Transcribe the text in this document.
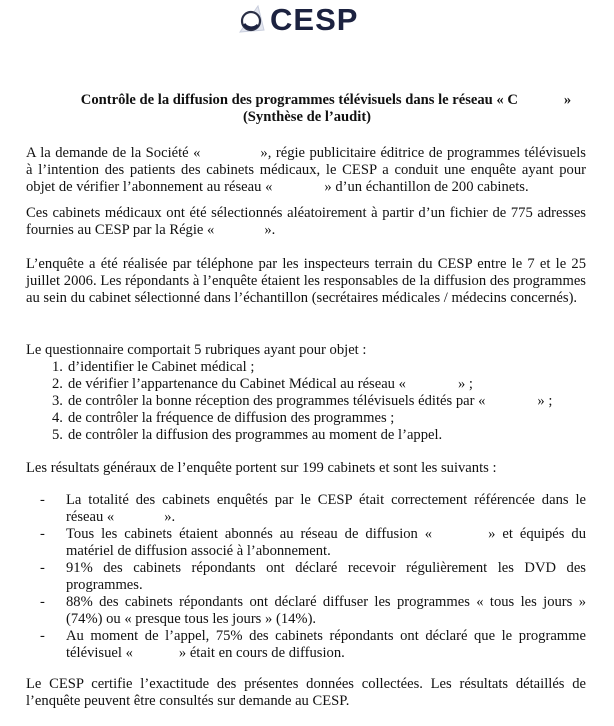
CESP
Contrôle de la diffusion des programmes télévisuels dans le réseau « C	»
(Synthèse de l’audit)
A la demande de la Société «	», régie publicitaire éditrice de programmes télévisuels à l’intention des patients des cabinets médicaux, le CESP a conduit une enquête ayant pour objet de vérifier l’abonnement au réseau «	» d’un échantillon de 200 cabinets.
Ces cabinets médicaux ont été sélectionnés aléatoirement à partir d’un fichier de 775 adresses fournies au CESP par la Régie «	».
L’enquête a été réalisée par téléphone par les inspecteurs terrain du CESP entre le 7 et le 25 juillet 2006. Les répondants à l’enquête étaient les responsables de la diffusion des programmes au sein du cabinet sélectionné dans l’échantillon (secrétaires médicales / médecins concernés).
Le questionnaire comportait 5 rubriques ayant pour objet :
1. d’identifier le Cabinet médical ;
2. de vérifier l’appartenance du Cabinet Médical au réseau «	» ;
3. de contrôler la bonne réception des programmes télévisuels édités par «	» ;
4. de contrôler la fréquence de diffusion des programmes ;
5. de contrôler la diffusion des programmes au moment de l’appel.
Les résultats généraux de l’enquête portent sur 199 cabinets et sont les suivants :
- La totalité des cabinets enquêtés par le CESP était correctement référencée dans le réseau «	».
- Tous les cabinets étaient abonnés au réseau de diffusion «	» et équipés du matériel de diffusion associé à l’abonnement.
- 91% des cabinets répondants ont déclaré recevoir régulièrement les DVD des programmes.
- 88% des cabinets répondants ont déclaré diffuser les programmes « tous les jours » (74%) ou « presque tous les jours » (14%).
- Au moment de l’appel, 75% des cabinets répondants ont déclaré que le programme télévisuel «	» était en cours de diffusion.
Le CESP certifie l’exactitude des présentes données collectées. Les résultats détaillés de l’enquête peuvent être consultés sur demande au CESP.
